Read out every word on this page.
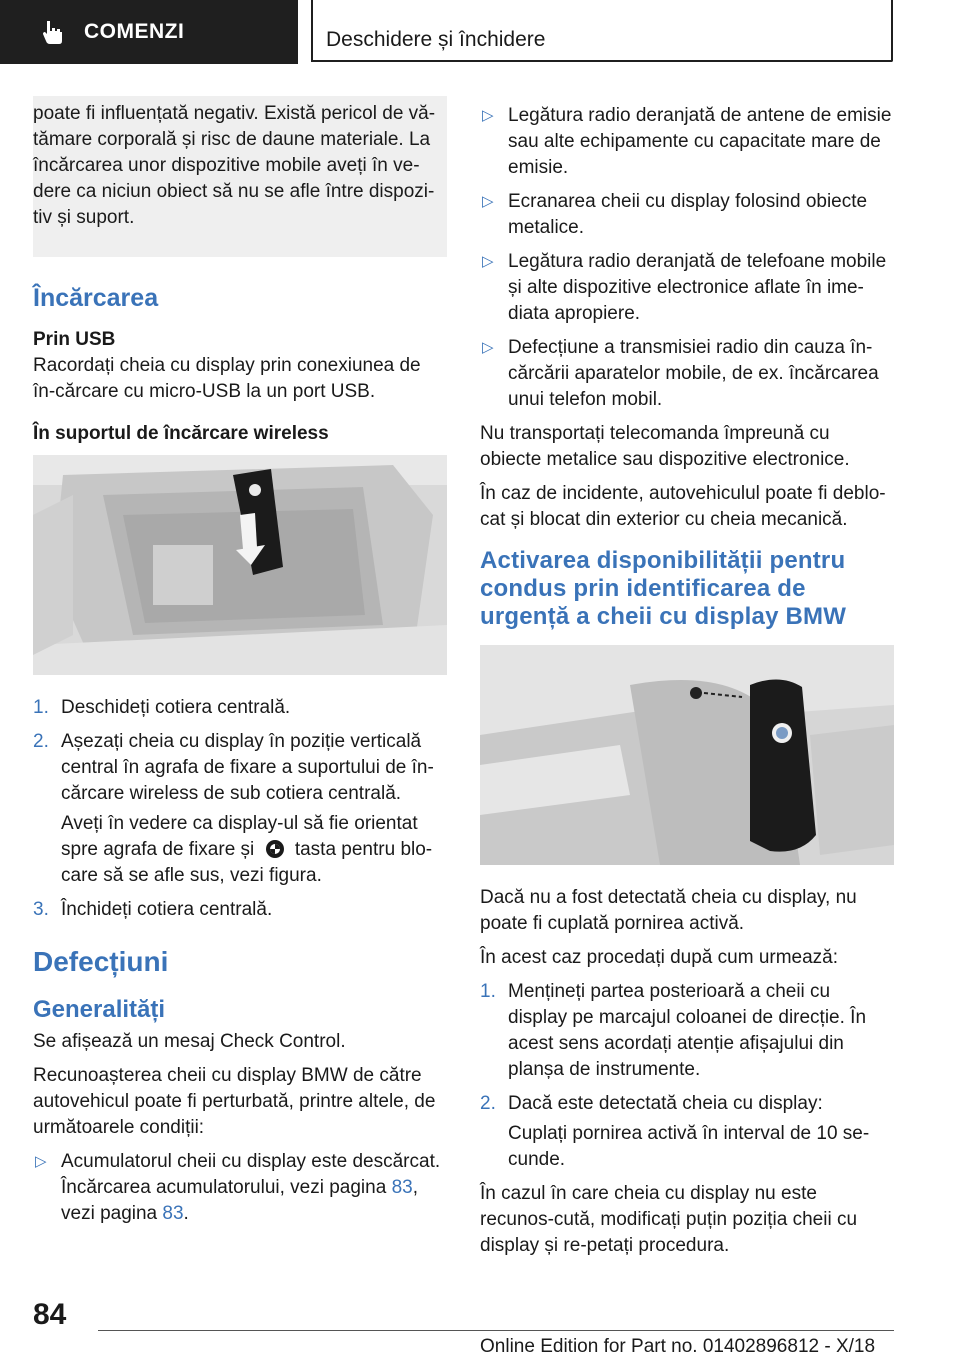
COMENZI	Deschidere și închidere

poate fi influențată negativ. Există pericol de vă-

tămare corporală și risc de daune materiale. La

încărcarea unor dispozitive mobile aveți în ve-

dere ca niciun obiect să nu se afle între dispozi-

tiv și suport.

Încărcarea
Prin USB

Racordați cheia cu display prin conexiunea de în-cărcare cu micro-USB la un port USB.

În suportul de încărcare wireless
1. Deschideți cotiera centrală.
2. Așezați cheia cu display în poziție verticală central în agrafa de fixare a suportului de în-cărcare wireless de sub cotiera centrală.

Aveți în vedere ca display-ul să fie orientat spre agrafa de fixare și tasta pentru blo-care să se afle sus, vezi figura.

3. Închideți cotiera centrală.
Defecțiuni
Generalități

Se afișează un mesaj Check Control.

Recunoașterea cheii cu display BMW de către autovehicul poate fi perturbată, printre altele, de următoarele condiții:

▷ Acumulatorul cheii cu display este descărcat. Încărcarea acumulatorului, vezi pagina 83, vezi pagina 83.
▷ Legătura radio deranjată de antene de emisie sau alte echipamente cu capacitate mare de emisie.
▷ Ecranarea cheii cu display folosind obiecte metalice.
▷ Legătura radio deranjată de telefoane mobile și alte dispozitive electronice aflate în ime-diata apropiere.
▷ Defecțiune a transmisiei radio din cauza în-cărcării aparatelor mobile, de ex. încărcarea unui telefon mobil.

Nu transportați telecomanda împreună cu obiecte metalice sau dispozitive electronice.

În caz de incidente, autovehiculul poate fi deblo-cat și blocat din exterior cu cheia mecanică.

Activarea disponibilității pentru condus prin identificarea de urgență a cheii cu display BMW

Dacă nu a fost detectată cheia cu display, nu poate fi cuplată pornirea activă.

În acest caz procedați după cum urmează:

1. Mențineți partea posterioară a cheii cu display pe marcajul coloanei de direcție. În acest sens acordați atenție afișajului din planșa de instrumente.
2. Dacă este detectată cheia cu display:

Cuplați pornirea activă în interval de 10 se-cunde.

În cazul în care cheia cu display nu este recunos-cută, modificați puțin poziția cheii cu display și re-petați procedura.

84
Online Edition for Part no. 01402896812 - X/18
